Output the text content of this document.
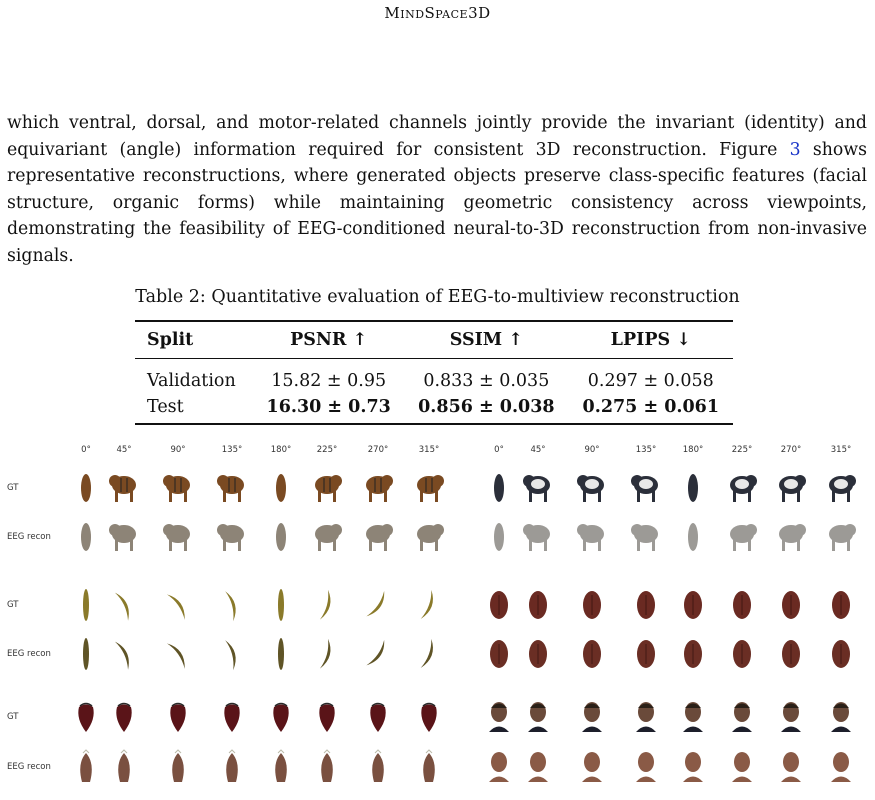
MindSpace3D
which ventral, dorsal, and motor-related channels jointly provide the invariant (identity) and equivariant (angle) information required for consistent 3D reconstruction. Figure 3 shows representative reconstructions, where generated objects preserve class-specific features (facial structure, organic forms) while maintaining geometric consistency across viewpoints, demonstrating the feasibility of EEG-conditioned neural-to-3D reconstruction from non-invasive signals.
Table 2: Quantitative evaluation of EEG-to-multiview reconstruction
Split	PSNR ↑	SSIM ↑	LPIPS ↓
Validation	15.82 ± 0.95	0.833 ± 0.035	0.297 ± 0.058
Test	16.30 ± 0.73	0.856 ± 0.038	0.275 ± 0.061
0°	45°	90°	135°	180°	225°	270°	315°	0°	45°	90°	135°	180°	225°	270°	315°
GT
EEG recon
GT
EEG recon
GT
EEG recon
